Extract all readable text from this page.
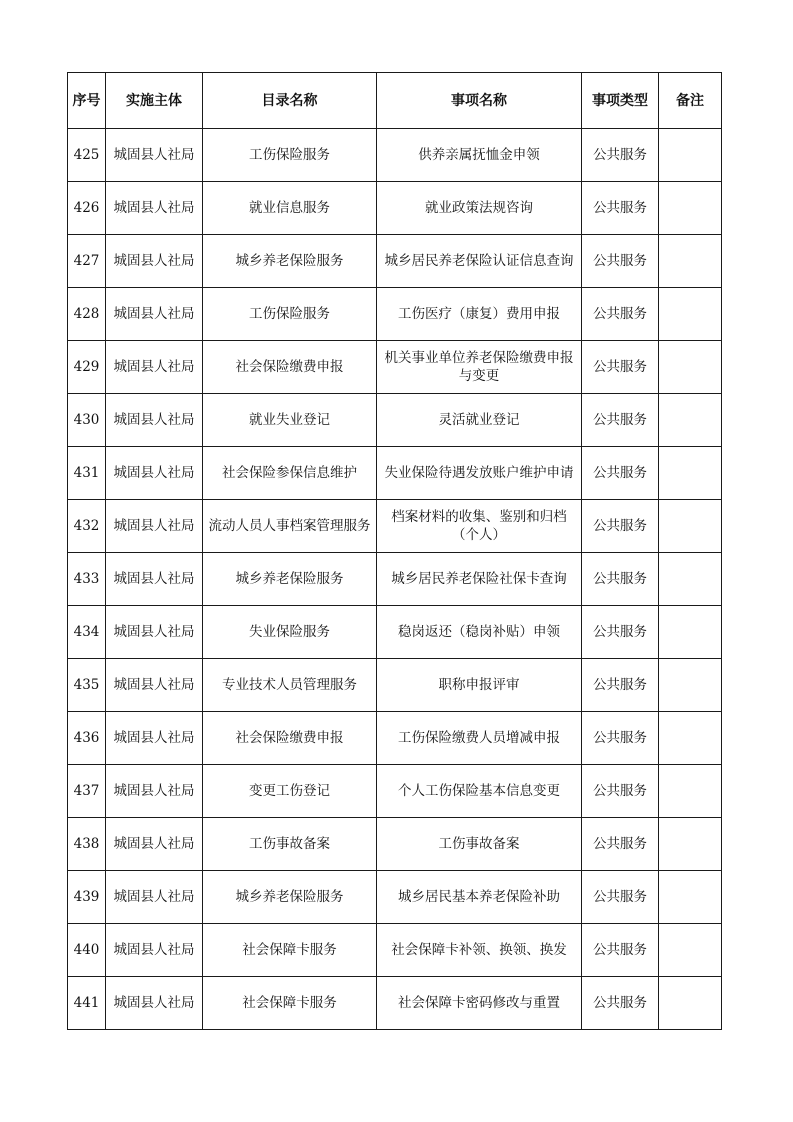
序号	实施主体	目录名称	事项名称	事项类型	备注
425	城固县人社局	工伤保险服务	供养亲属抚恤金申领	公共服务	
426	城固县人社局	就业信息服务	就业政策法规咨询	公共服务	
427	城固县人社局	城乡养老保险服务	城乡居民养老保险认证信息查询	公共服务	
428	城固县人社局	工伤保险服务	工伤医疗（康复）费用申报	公共服务	
429	城固县人社局	社会保险缴费申报	机关事业单位养老保险缴费申报与变更	公共服务	
430	城固县人社局	就业失业登记	灵活就业登记	公共服务	
431	城固县人社局	社会保险参保信息维护	失业保险待遇发放账户维护申请	公共服务	
432	城固县人社局	流动人员人事档案管理服务	档案材料的收集、鉴别和归档（个人）	公共服务	
433	城固县人社局	城乡养老保险服务	城乡居民养老保险社保卡查询	公共服务	
434	城固县人社局	失业保险服务	稳岗返还（稳岗补贴）申领	公共服务	
435	城固县人社局	专业技术人员管理服务	职称申报评审	公共服务	
436	城固县人社局	社会保险缴费申报	工伤保险缴费人员增减申报	公共服务	
437	城固县人社局	变更工伤登记	个人工伤保险基本信息变更	公共服务	
438	城固县人社局	工伤事故备案	工伤事故备案	公共服务	
439	城固县人社局	城乡养老保险服务	城乡居民基本养老保险补助	公共服务	
440	城固县人社局	社会保障卡服务	社会保障卡补领、换领、换发	公共服务	
441	城固县人社局	社会保障卡服务	社会保障卡密码修改与重置	公共服务	
